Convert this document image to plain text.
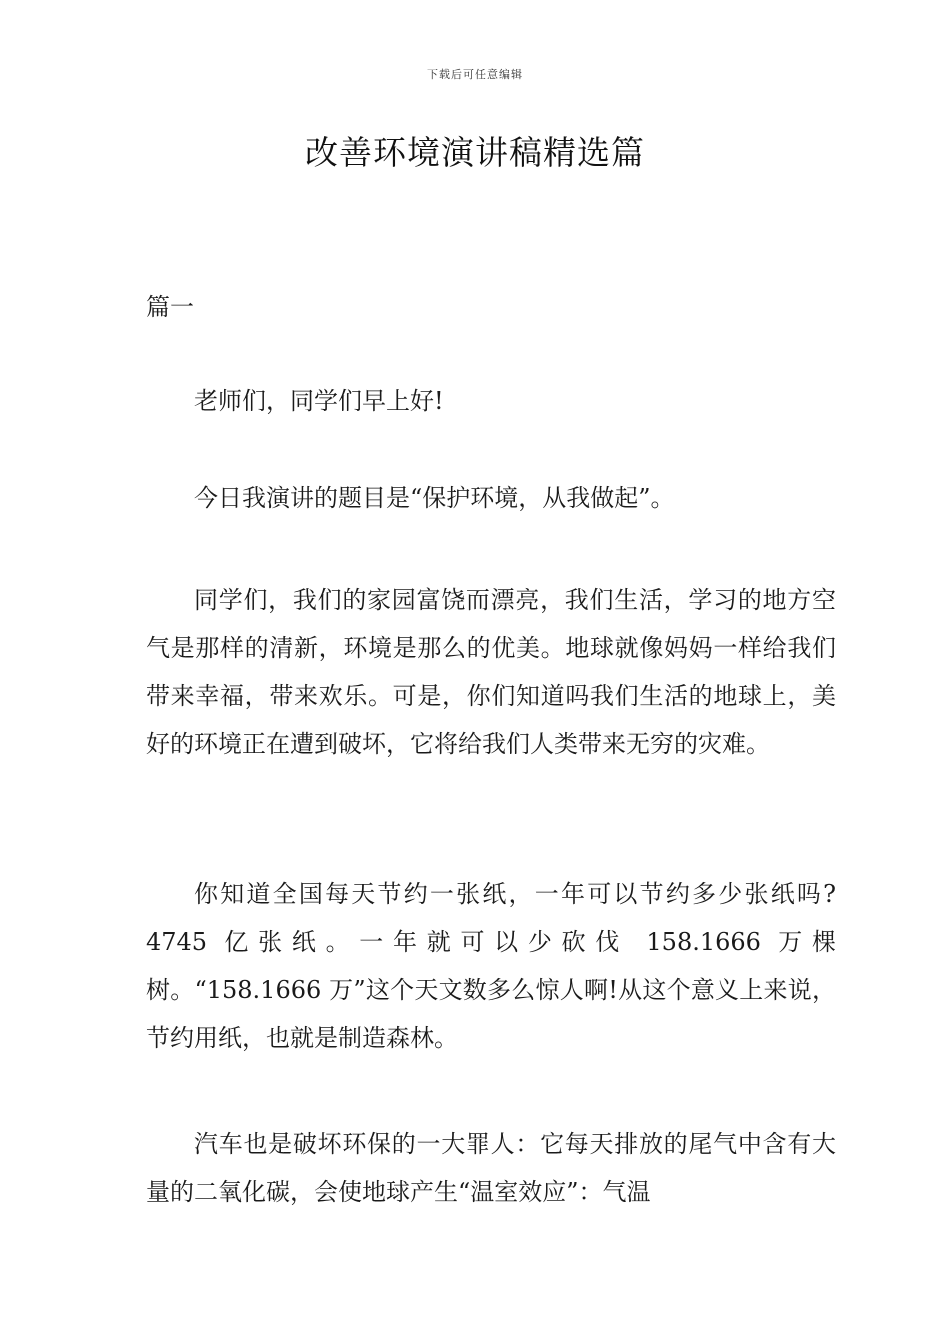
下载后可任意编辑
改善环境演讲稿精选篇
篇一

老师们，同学们早上好!

今日我演讲的题目是“保护环境，从我做起”。

同学们，我们的家园富饶而漂亮，我们生活，学习的地方空气是那样的清新，环境是那么的优美。地球就像妈妈一样给我们带来幸福，带来欢乐。可是，你们知道吗我们生活的地球上，美好的环境正在遭到破坏，它将给我们人类带来无穷的灾难。

你知道全国每天节约一张纸，一年可以节约多少张纸吗?4745 亿张纸。一年就可以少砍伐 158.1666 万棵树。“158.1666 万”这个天文数多么惊人啊!从这个意义上来说，节约用纸，也就是制造森林。

汽车也是破坏环保的一大罪人：它每天排放的尾气中含有大量的二氧化碳，会使地球产生“温室效应”：气温
